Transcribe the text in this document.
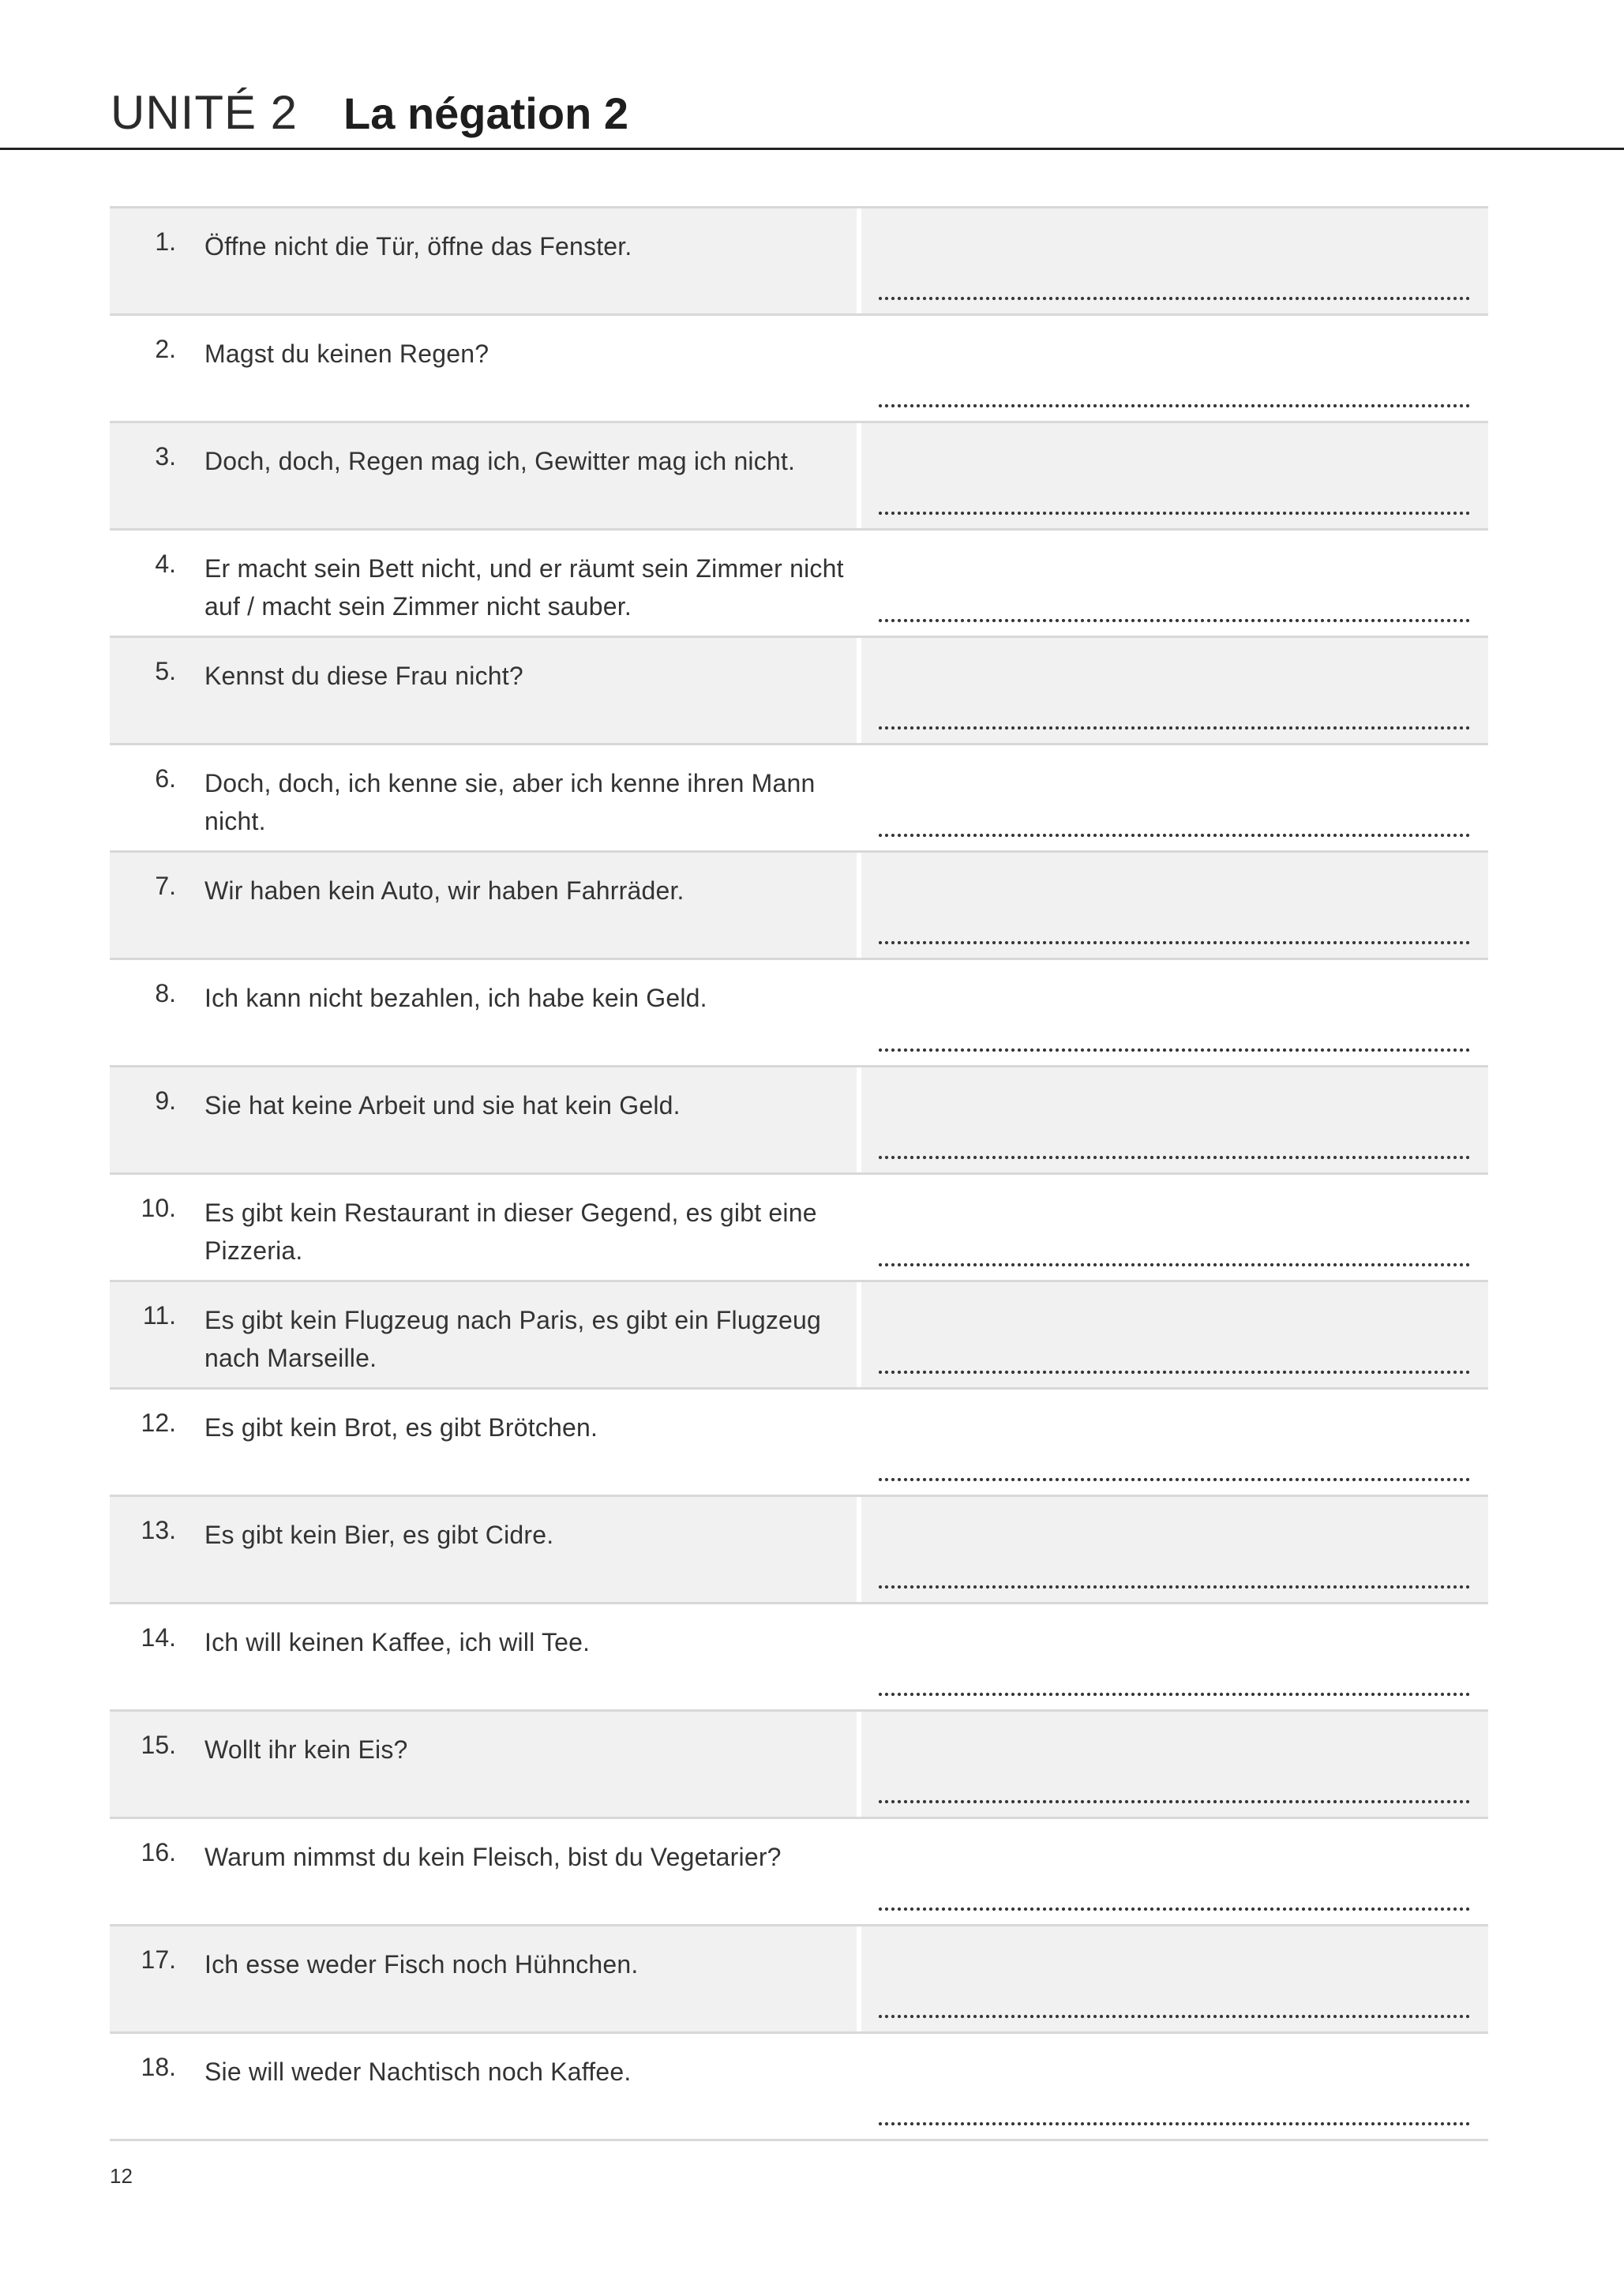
UNITÉ 2 La négation 2
1. Öffne nicht die Tür, öffne das Fenster.
2. Magst du keinen Regen?
3. Doch, doch, Regen mag ich, Gewitter mag ich nicht.
4. Er macht sein Bett nicht, und er räumt sein Zimmer nicht auf / macht sein Zimmer nicht sauber.
5. Kennst du diese Frau nicht?
6. Doch, doch, ich kenne sie, aber ich kenne ihren Mann nicht.
7. Wir haben kein Auto, wir haben Fahrräder.
8. Ich kann nicht bezahlen, ich habe kein Geld.
9. Sie hat keine Arbeit und sie hat kein Geld.
10. Es gibt kein Restaurant in dieser Gegend, es gibt eine Pizzeria.
11. Es gibt kein Flugzeug nach Paris, es gibt ein Flugzeug nach Marseille.
12. Es gibt kein Brot, es gibt Brötchen.
13. Es gibt kein Bier, es gibt Cidre.
14. Ich will keinen Kaffee, ich will Tee.
15. Wollt ihr kein Eis?
16. Warum nimmst du kein Fleisch, bist du Vegetarier?
17. Ich esse weder Fisch noch Hühnchen.
18. Sie will weder Nachtisch noch Kaffee.
12
